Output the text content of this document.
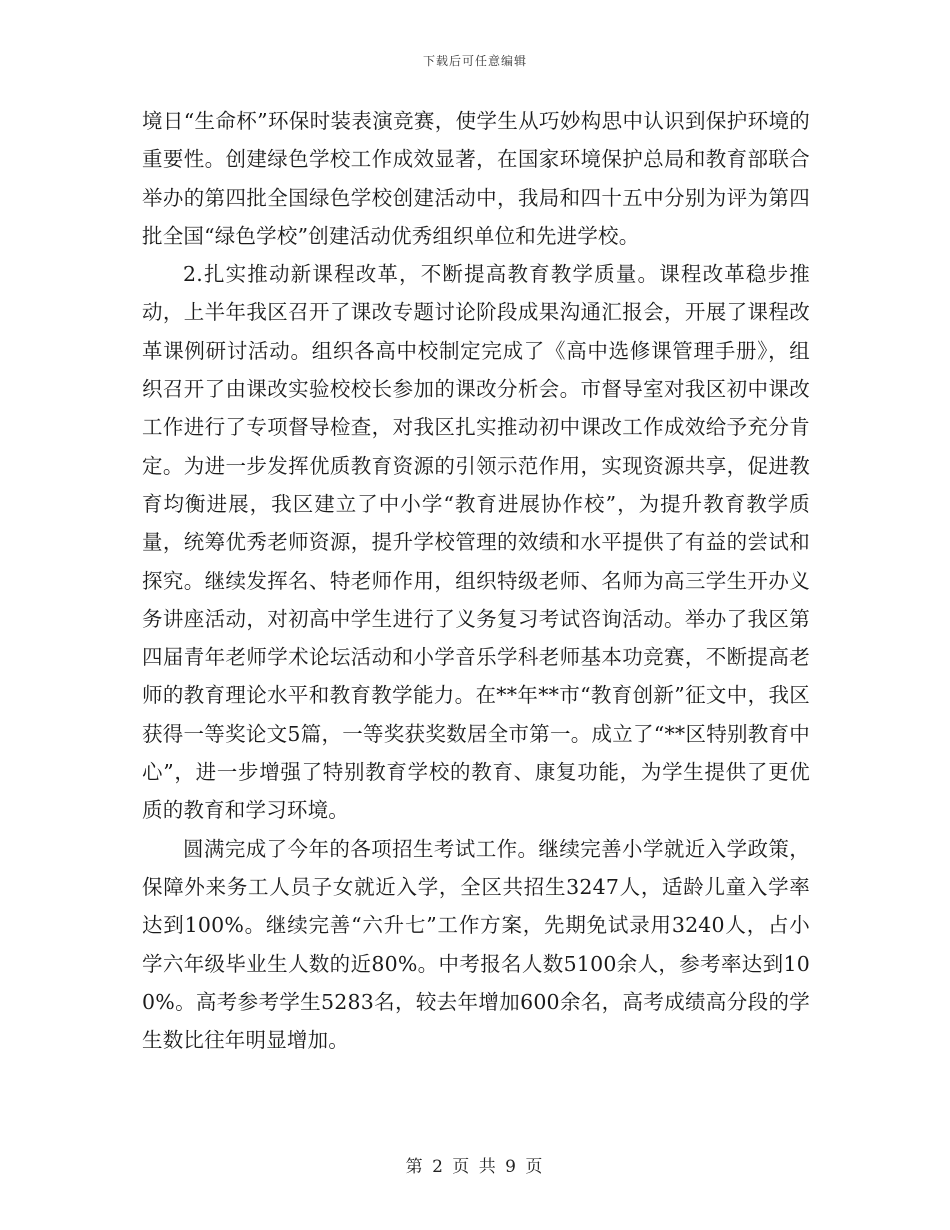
下载后可任意编辑

境日“生命杯”环保时装表演竞赛，使学生从巧妙构思中认识到保护环境的重要性。创建绿色学校工作成效显著，在国家环境保护总局和教育部联合举办的第四批全国绿色学校创建活动中，我局和四十五中分别为评为第四批全国“绿色学校”创建活动优秀组织单位和先进学校。

2.扎实推动新课程改革，不断提高教育教学质量。课程改革稳步推动，上半年我区召开了课改专题讨论阶段成果沟通汇报会，开展了课程改革课例研讨活动。组织各高中校制定完成了《高中选修课管理手册》，组织召开了由课改实验校校长参加的课改分析会。市督导室对我区初中课改工作进行了专项督导检查，对我区扎实推动初中课改工作成效给予充分肯定。为进一步发挥优质教育资源的引领示范作用，实现资源共享，促进教育均衡进展，我区建立了中小学“教育进展协作校”，为提升教育教学质量，统筹优秀老师资源，提升学校管理的效绩和水平提供了有益的尝试和探究。继续发挥名、特老师作用，组织特级老师、名师为高三学生开办义务讲座活动，对初高中学生进行了义务复习考试咨询活动。举办了我区第四届青年老师学术论坛活动和小学音乐学科老师基本功竞赛，不断提高老师的教育理论水平和教育教学能力。在**年**市“教育创新”征文中，我区获得一等奖论文5篇，一等奖获奖数居全市第一。成立了“**区特别教育中心”，进一步增强了特别教育学校的教育、康复功能，为学生提供了更优质的教育和学习环境。

圆满完成了今年的各项招生考试工作。继续完善小学就近入学政策，保障外来务工人员子女就近入学，全区共招生3247人，适龄儿童入学率达到100%。继续完善“六升七”工作方案，先期免试录用3240人，占小学六年级毕业生人数的近80%。中考报名人数5100余人，参考率达到100%。高考参考学生5283名，较去年增加600余名，高考成绩高分段的学生数比往年明显增加。

第 2 页 共 9 页
